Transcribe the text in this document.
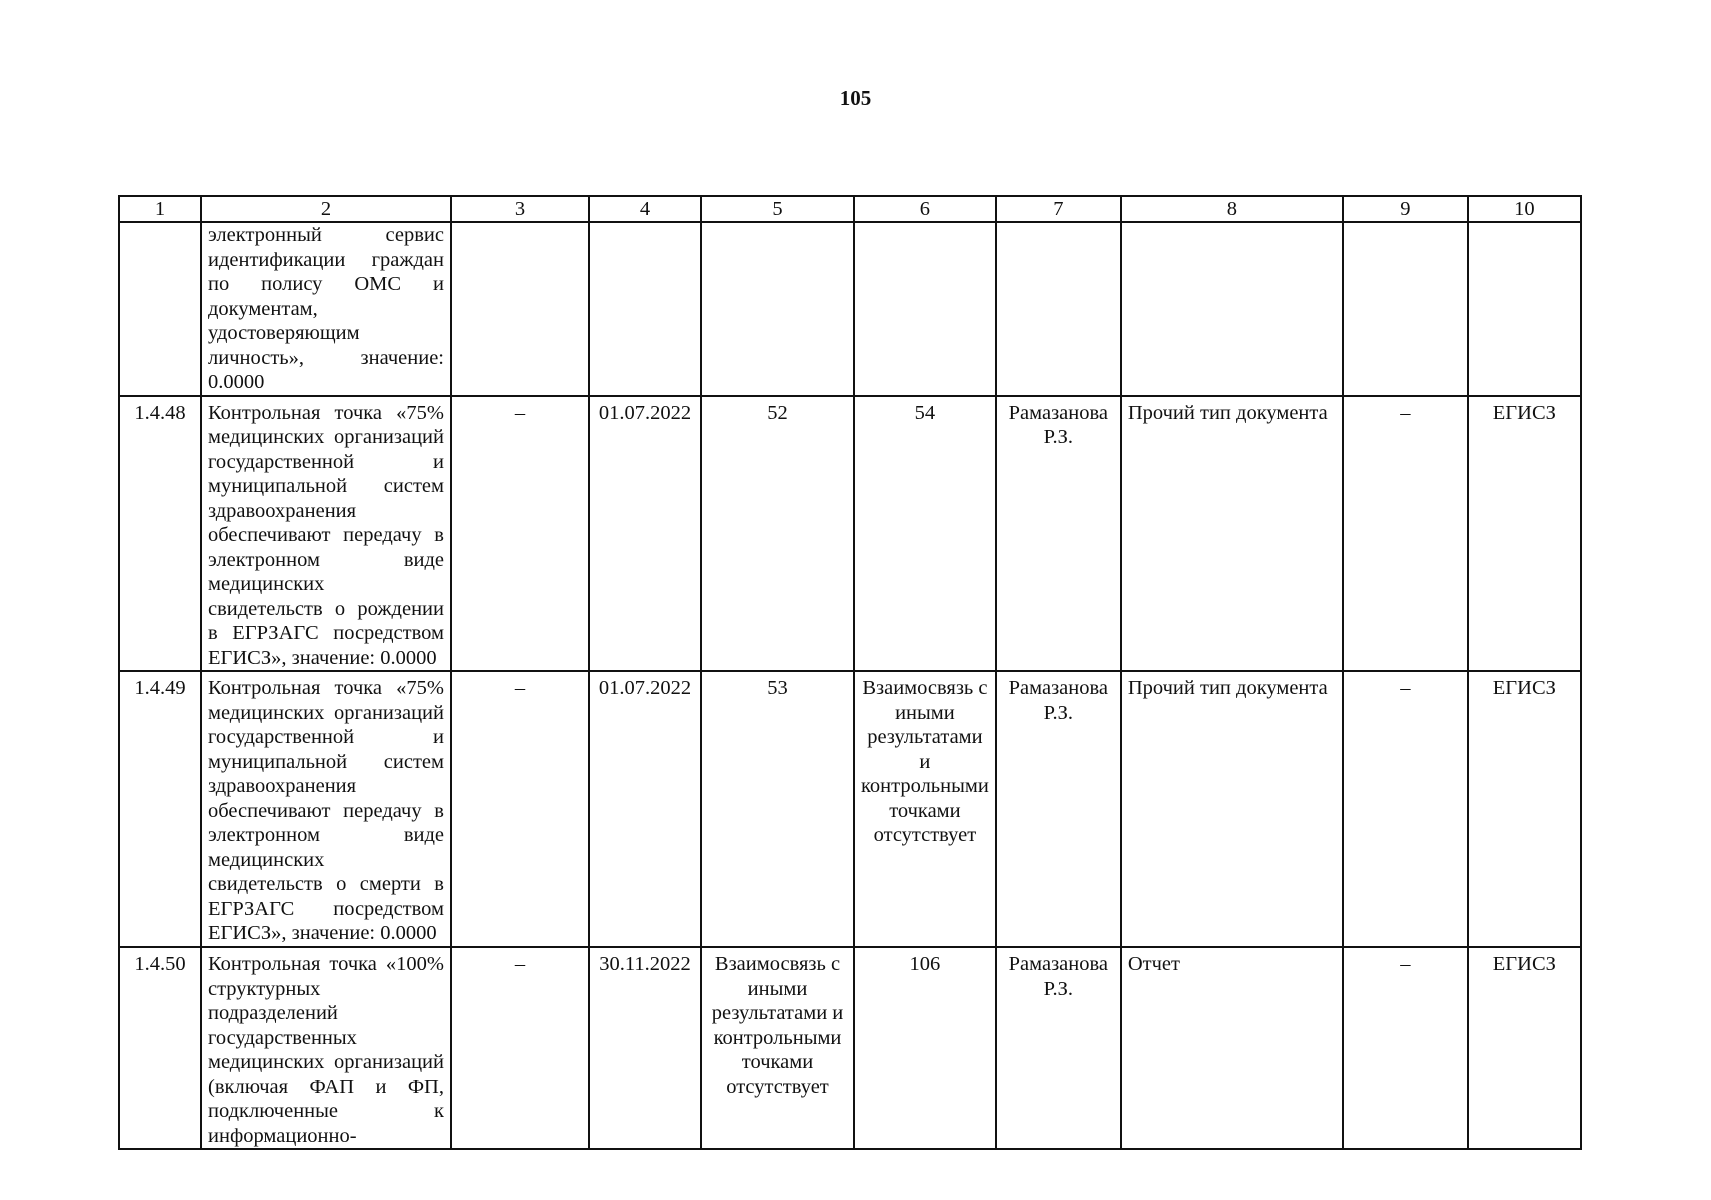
105
1	2	3	4	5	6	7	8	9	10
	электронный сервис идентификации граждан по полису ОМС и документам, удостоверяющим личность», значение: 0.0000								
1.4.48	Контрольная точка «75% медицинских организаций государственной и муниципальной систем здравоохранения обеспечивают передачу в электронном виде медицинских свидетельств о рождении в ЕГРЗАГС посредством ЕГИСЗ», значение: 0.0000	–	01.07.2022	52	54	Рамазанова Р.З.	Прочий тип документа	–	ЕГИСЗ
1.4.49	Контрольная точка «75% медицинских организаций государственной и муниципальной систем здравоохранения обеспечивают передачу в электронном виде медицинских свидетельств о смерти в ЕГРЗАГС посредством ЕГИСЗ», значение: 0.0000	–	01.07.2022	53	Взаимосвязь с иными результатами и контрольными точками отсутствует	Рамазанова Р.З.	Прочий тип документа	–	ЕГИСЗ
1.4.50	Контрольная точка «100% структурных подразделений государственных медицинских организаций (включая ФАП и ФП, подключенные к информационно-	–	30.11.2022	Взаимосвязь с иными результатами и контрольными точками отсутствует	106	Рамазанова Р.З.	Отчет	–	ЕГИСЗ
